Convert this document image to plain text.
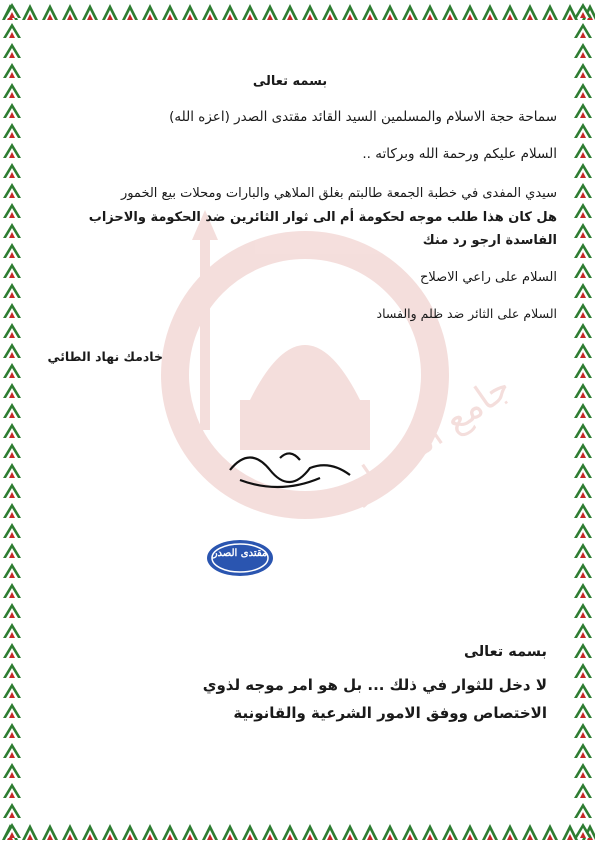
جامع المختار
بسمه تعالى
سماحة حجة الاسلام والمسلمين السيد القائد مقتدى الصدر (اعزه الله)
السلام عليكم ورحمة الله وبركاته ..
سيدي المفدى في خطبة الجمعة طالبتم بغلق الملاهي والبارات ومحلات بيع الخمور
هل كان هذا طلب موجه لحكومة أم الى ثوار الثائرين ضد الحكومة والاحزاب
الفاسدة ارجو رد منك
السلام على راعي الاصلاح
السلام على الثائر ضد ظلم والفساد
خادمك نهاد الطائي
مقتدى الصدر
بسمه تعالى
لا دخل للثوار في ذلك ... بل هو امر موجه لذوي
الاختصاص ووفق الامور الشرعية والقانونية
